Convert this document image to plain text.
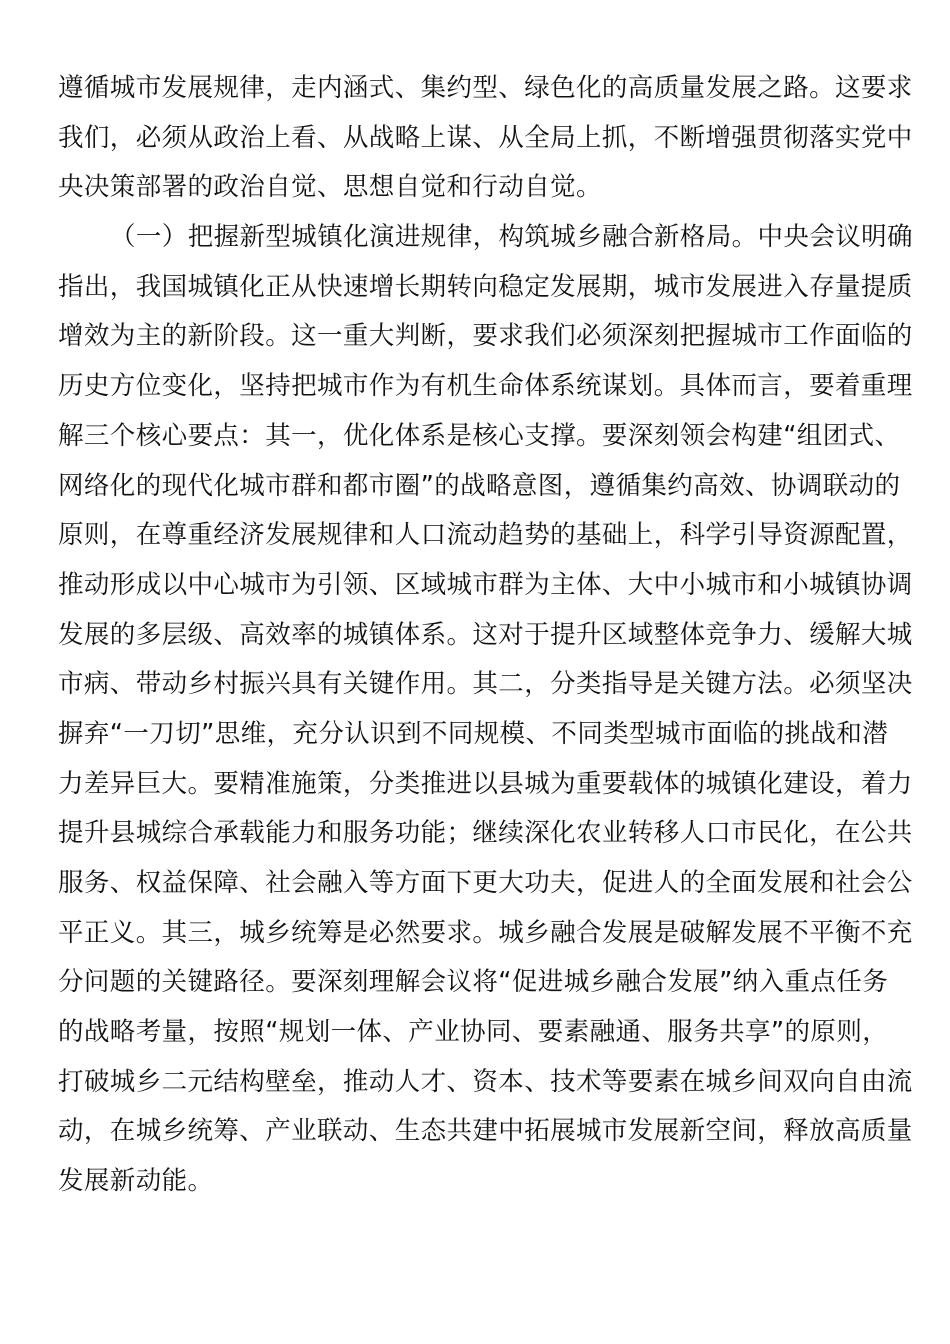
遵循城市发展规律，走内涵式、集约型、绿色化的高质量发展之路。这要求
我们，必须从政治上看、从战略上谋、从全局上抓，不断增强贯彻落实党中
央决策部署的政治自觉、思想自觉和行动自觉。
（一）把握新型城镇化演进规律，构筑城乡融合新格局。中央会议明确
指出，我国城镇化正从快速增长期转向稳定发展期，城市发展进入存量提质
增效为主的新阶段。这一重大判断，要求我们必须深刻把握城市工作面临的
历史方位变化，坚持把城市作为有机生命体系统谋划。具体而言，要着重理
解三个核心要点：其一，优化体系是核心支撑。要深刻领会构建“组团式、
网络化的现代化城市群和都市圈”的战略意图，遵循集约高效、协调联动的
原则，在尊重经济发展规律和人口流动趋势的基础上，科学引导资源配置，
推动形成以中心城市为引领、区域城市群为主体、大中小城市和小城镇协调
发展的多层级、高效率的城镇体系。这对于提升区域整体竞争力、缓解大城
市病、带动乡村振兴具有关键作用。其二，分类指导是关键方法。必须坚决
摒弃“一刀切”思维，充分认识到不同规模、不同类型城市面临的挑战和潜
力差异巨大。要精准施策，分类推进以县城为重要载体的城镇化建设，着力
提升县城综合承载能力和服务功能；继续深化农业转移人口市民化，在公共
服务、权益保障、社会融入等方面下更大功夫，促进人的全面发展和社会公
平正义。其三，城乡统筹是必然要求。城乡融合发展是破解发展不平衡不充
分问题的关键路径。要深刻理解会议将“促进城乡融合发展”纳入重点任务
的战略考量，按照“规划一体、产业协同、要素融通、服务共享”的原则，
打破城乡二元结构壁垒，推动人才、资本、技术等要素在城乡间双向自由流
动，在城乡统筹、产业联动、生态共建中拓展城市发展新空间，释放高质量
发展新动能。
